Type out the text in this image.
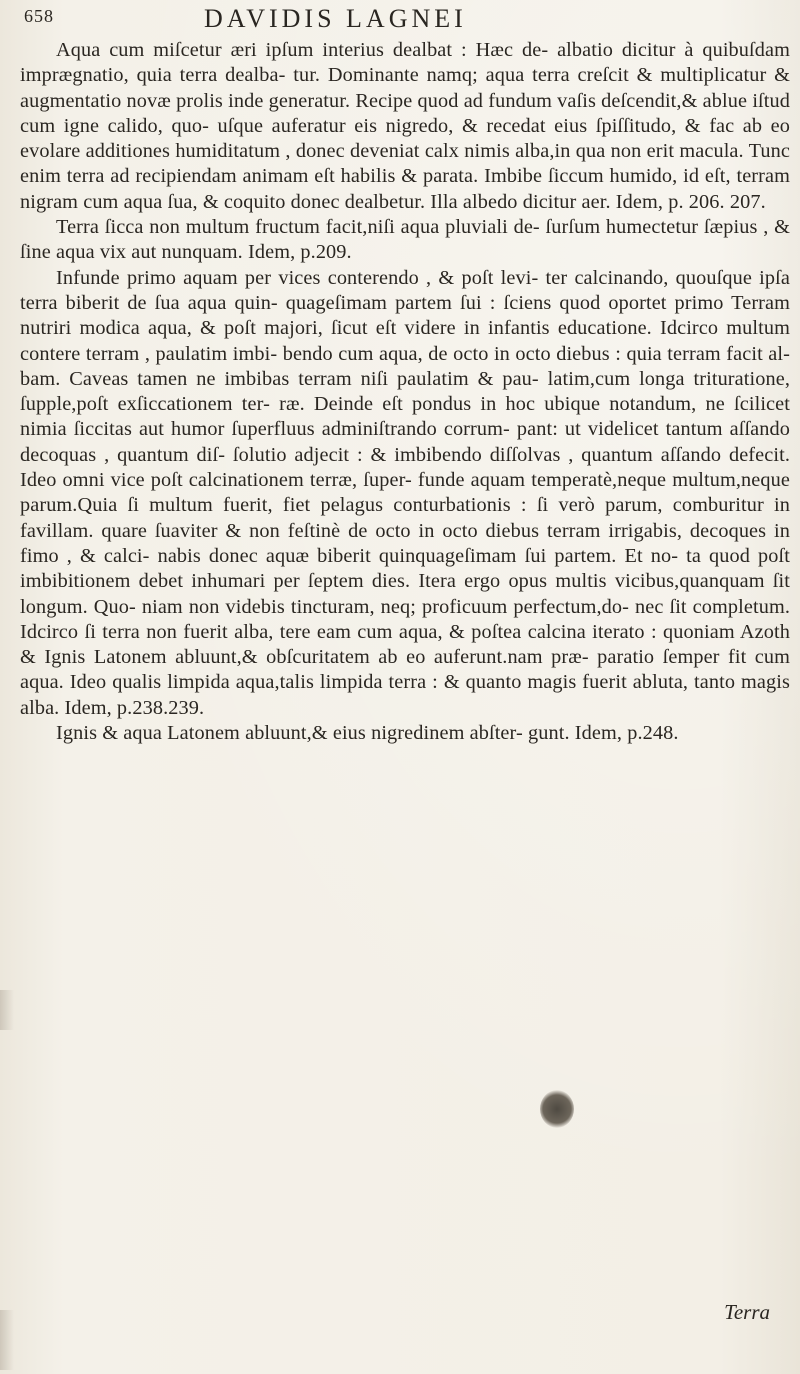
658	DAVIDIS LAGNEI

Aqua cum miſcetur æri ipſum interius dealbat : Hæc de- albatio dicitur à quibuſdam imprægnatio, quia terra dealba- tur. Dominante namq; aqua terra creſcit & multiplicatur & augmentatio novæ prolis inde generatur. Recipe quod ad fundum vaſis deſcendit,& ablue iſtud cum igne calido, quo- uſque auferatur eis nigredo, & recedat eius ſpiſſitudo, & fac ab eo evolare additiones humiditatum , donec deveniat calx nimis alba,in qua non erit macula. Tunc enim terra ad recipiendam animam eſt habilis & parata. Imbibe ſiccum humido, id eſt, terram nigram cum aqua ſua, & coquito donec dealbetur. Illa albedo dicitur aer. Idem, p. 206. 207.

Terra ſicca non multum fructum facit,niſi aqua pluviali de- ſurſum humectetur ſæpius , & ſine aqua vix aut nunquam. Idem, p.209.

Infunde primo aquam per vices conterendo , & poſt levi- ter calcinando, quouſque ipſa terra biberit de ſua aqua quin- quageſimam partem ſui : ſciens quod oportet primo Terram nutriri modica aqua, & poſt majori, ſicut eſt videre in infantis educatione. Idcirco multum contere terram , paulatim imbi- bendo cum aqua, de octo in octo diebus : quia terram facit al- bam. Caveas tamen ne imbibas terram niſi paulatim & pau- latim,cum longa trituratione, ſupple,poſt exſiccationem ter- ræ. Deinde eſt pondus in hoc ubique notandum, ne ſcilicet nimia ſiccitas aut humor ſuperfluus adminiſtrando corrum- pant: ut videlicet tantum aſſando decoquas , quantum diſ- ſolutio adjecit : & imbibendo diſſolvas , quantum aſſando defecit. Ideo omni vice poſt calcinationem terræ, ſuper- funde aquam temperatè,neque multum,neque parum.Quia ſi multum fuerit, fiet pelagus conturbationis : ſi verò parum, comburitur in favillam. quare ſuaviter & non feſtinè de octo in octo diebus terram irrigabis, decoques in fimo , & calci- nabis donec aquæ biberit quinquageſimam ſui partem. Et no- ta quod poſt imbibitionem debet inhumari per ſeptem dies. Itera ergo opus multis vicibus,quanquam ſit longum. Quo- niam non videbis tincturam, neq; proficuum perfectum,do- nec ſit completum. Idcirco ſi terra non fuerit alba, tere eam cum aqua, & poſtea calcina iterato : quoniam Azoth & Ignis Latonem abluunt,& obſcuritatem ab eo auferunt.nam præ- paratio ſemper fit cum aqua. Ideo qualis limpida aqua,talis limpida terra : & quanto magis fuerit abluta, tanto magis alba. Idem, p.238.239.

Ignis & aqua Latonem abluunt,& eius nigredinem abſter- gunt. Idem, p.248.

Terra
